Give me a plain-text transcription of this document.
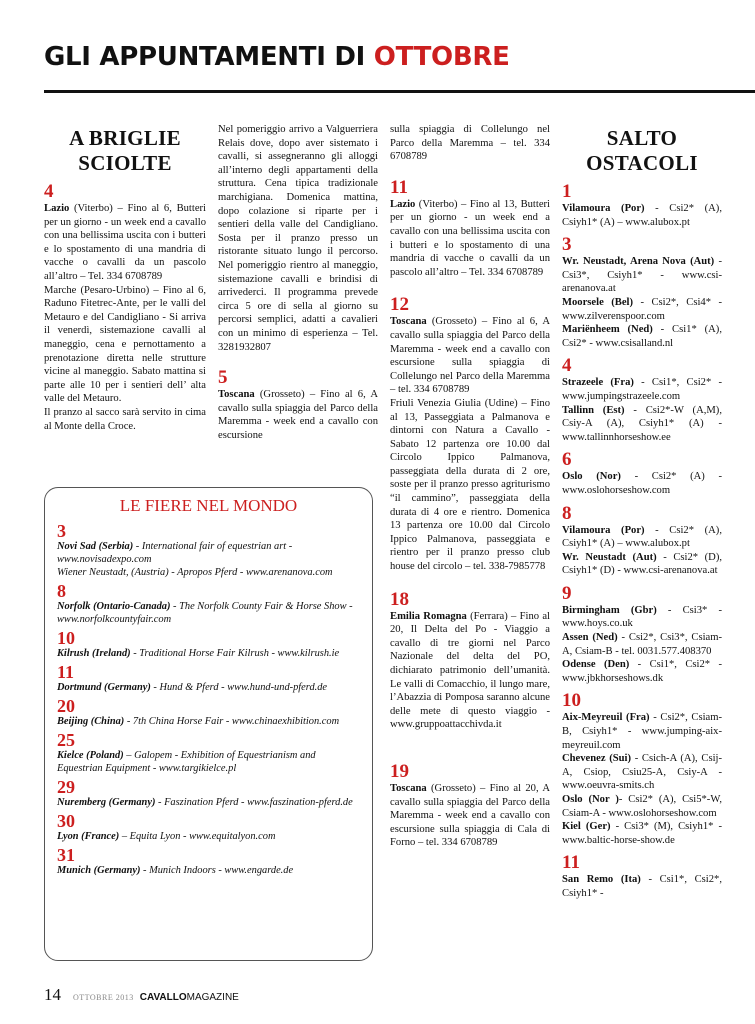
GLI APPUNTAMENTI DI OTTOBRE
A BRIGLIE SCIOLTE
4

Lazio (Viterbo) – Fino al 6, Butteri per un giorno - un week end a cavallo con una bellissima uscita con i butteri e lo spostamento di una mandria di vacche o cavalli da un pascolo all’altro – Tel. 334 6708789

Marche (Pesaro-Urbino) – Fino al 6, Raduno Fitetrec-Ante, per le valli del Metauro e del Candigliano - Si arriva il venerdì, sistemazione cavalli al maneggio, cena e pernottamento a prenotazione diretta nelle strutture vicine al maneggio. Sabato mattina si parte alle 10 per i sentieri dell’ alta valle del Metauro.

Il pranzo al sacco sarà servito in cima al Monte della Croce.

Nel pomeriggio arrivo a Valguerriera Relais dove, dopo aver sistemato i cavalli, si assegneranno gli alloggi all’interno degli appartamenti della struttura. Cena tipica tradizionale marchigiana. Domenica mattina, dopo colazione si riparte per i sentieri della valle del Candigliano. Sosta per il pranzo presso un ristorante situato lungo il percorso. Nel pomeriggio rientro al maneggio, sistemazione cavalli e brindisi di arrivederci. Il programma prevede circa 5 ore di sella al giorno su percorsi semplici, adatti a cavalieri con un minimo di esperienza – Tel. 3281932807

5

Toscana (Grosseto) – Fino al 6, A cavallo sulla spiaggia del Parco della Maremma - week end a cavallo con escursione

sulla spiaggia di Collelungo nel Parco della Maremma – tel. 334 6708789

11

Lazio (Viterbo) – Fino al 13, Butteri per un giorno - un week end a cavallo con una bellissima uscita con i butteri e lo spostamento di una mandria di vacche o cavalli da un pascolo all’altro – Tel. 334 6708789

12

Toscana (Grosseto) – Fino al 6, A cavallo sulla spiaggia del Parco della Maremma - week end a cavallo con escursione sulla spiaggia di Collelungo nel Parco della Maremma – tel. 334 6708789

Friuli Venezia Giulia (Udine) – Fino al 13, Passeggiata a Palmanova e dintorni con Natura a Cavallo - Sabato 12 partenza ore 10.00 dal Circolo Ippico Palmanova, passeggiata della durata di 2 ore, soste per il pranzo presso agriturismo “il cammino”, passeggiata della durata di 4 ore e rientro. Domenica 13 partenza ore 10.00 dal Circolo Ippico Palmanova, passeggiata e rientro per il pranzo presso club house del circolo – tel. 338-7985778

18

Emilia Romagna (Ferrara) – Fino al 20, Il Delta del Po - Viaggio a cavallo di tre giorni nel Parco Nazionale del delta del PO, dichiarato patrimonio dell’umanità. Le valli di Comacchio, il lungo mare, l’Abazzia di Pomposa saranno alcune delle mete di questo viaggio - www.gruppoattacchivda.it

19

Toscana (Grosseto) – Fino al 20, A cavallo sulla spiaggia del Parco della Maremma - week end a cavallo con escursione sulla spiaggia di Cala di Forno – tel. 334 6708789

SALTO OSTACOLI
1

Vilamoura (Por) - Csi2* (A), Csiyh1* (A) – www.alubox.pt

3

Wr. Neustadt, Arena Nova (Aut) - Csi3*, Csiyh1* - www.csi-arenanova.at

Moorsele (Bel) - Csi2*, Csi4* - www.zilverenspoor.com

Mariënheem (Ned) - Csi1* (A), Csi2* - www.csisalland.nl

4

Strazeele (Fra) - Csi1*, Csi2* - www.jumpingstrazeele.com

Tallinn (Est) - Csi2*-W (A,M), Csiy-A (A), Csiyh1* (A) - www.tallinnhorseshow.ee

6

Oslo (Nor) - Csi2* (A) - www.oslohorseshow.com

8

Vilamoura (Por) - Csi2* (A), Csiyh1* (A) – www.alubox.pt

Wr. Neustadt (Aut) - Csi2* (D), Csiyh1* (D) - www.csi-arenanova.at

9

Birmingham (Gbr) - Csi3* - www.hoys.co.uk

Assen (Ned) - Csi2*, Csi3*, Csiam-A, Csiam-B - tel. 0031.577.408370

Odense (Den) - Csi1*, Csi2* - www.jbkhorseshows.dk

10

Aix-Meyreuil (Fra) - Csi2*, Csiam-B, Csiyh1* - www.jumping-aix-meyreuil.com

Chevenez (Sui) - Csich-A (A), Csij-A, Csiop, Csiu25-A, Csiy-A - www.oeuvra-smits.ch

Oslo (Nor )- Csi2* (A), Csi5*-W, Csiam-A - www.oslohorseshow.com

Kiel (Ger) - Csi3* (M), Csiyh1* - www.baltic-horse-show.de

11

San Remo (Ita) - Csi1*, Csi2*, Csiyh1* -

LE FIERE NEL MONDO
3

Novi Sad (Serbia) - International fair of equestrian art - www.novisadexpo.com

Wiener Neustadt, (Austria) - Apropos Pferd - www.arenanova.com

8

Norfolk (Ontario-Canada) - The Norfolk County Fair & Horse Show - www.norfolkcountyfair.com

10

Kilrush (Ireland) - Traditional Horse Fair Kilrush - www.kilrush.ie

11

Dortmund (Germany) - Hund & Pferd - www.hund-und-pferd.de

20

Beijing (China) - 7th China Horse Fair - www.chinaexhibition.com

25

Kielce (Poland) – Galopem - Exhibition of Equestrianism and Equestrian Equipment - www.targikielce.pl

29

Nuremberg (Germany) - Faszination Pferd - www.faszination-pferd.de

30

Lyon (France) – Equita Lyon - www.equitalyon.com

31

Munich (Germany) - Munich Indoors - www.engarde.de

14 OTTOBRE 2013 CAVALLOMAGAZINE
